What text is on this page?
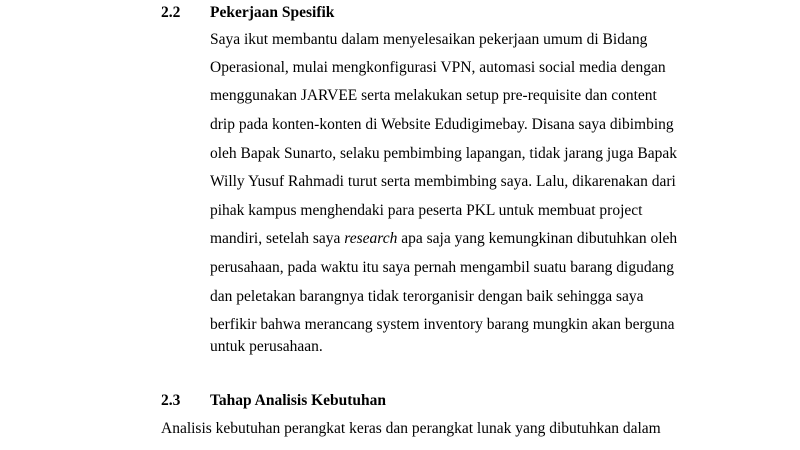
2.2 Pekerjaan Spesifik
Saya ikut membantu dalam menyelesaikan pekerjaan umum di Bidang
Operasional, mulai mengkonfigurasi VPN, automasi social media dengan
menggunakan JARVEE serta melakukan setup pre-requisite dan content
drip pada konten-konten di Website Edudigimebay. Disana saya dibimbing
oleh Bapak Sunarto, selaku pembimbing lapangan, tidak jarang juga Bapak
Willy Yusuf Rahmadi turut serta membimbing saya. Lalu, dikarenakan dari
pihak kampus menghendaki para peserta PKL untuk membuat project
mandiri, setelah saya research apa saja yang kemungkinan dibutuhkan oleh
perusahaan, pada waktu itu saya pernah mengambil suatu barang digudang
dan peletakan barangnya tidak terorganisir dengan baik sehingga saya
berfikir bahwa merancang system inventory barang mungkin akan berguna
untuk perusahaan.
2.3 Tahap Analisis Kebutuhan
Analisis kebutuhan perangkat keras dan perangkat lunak yang dibutuhkan dalam
